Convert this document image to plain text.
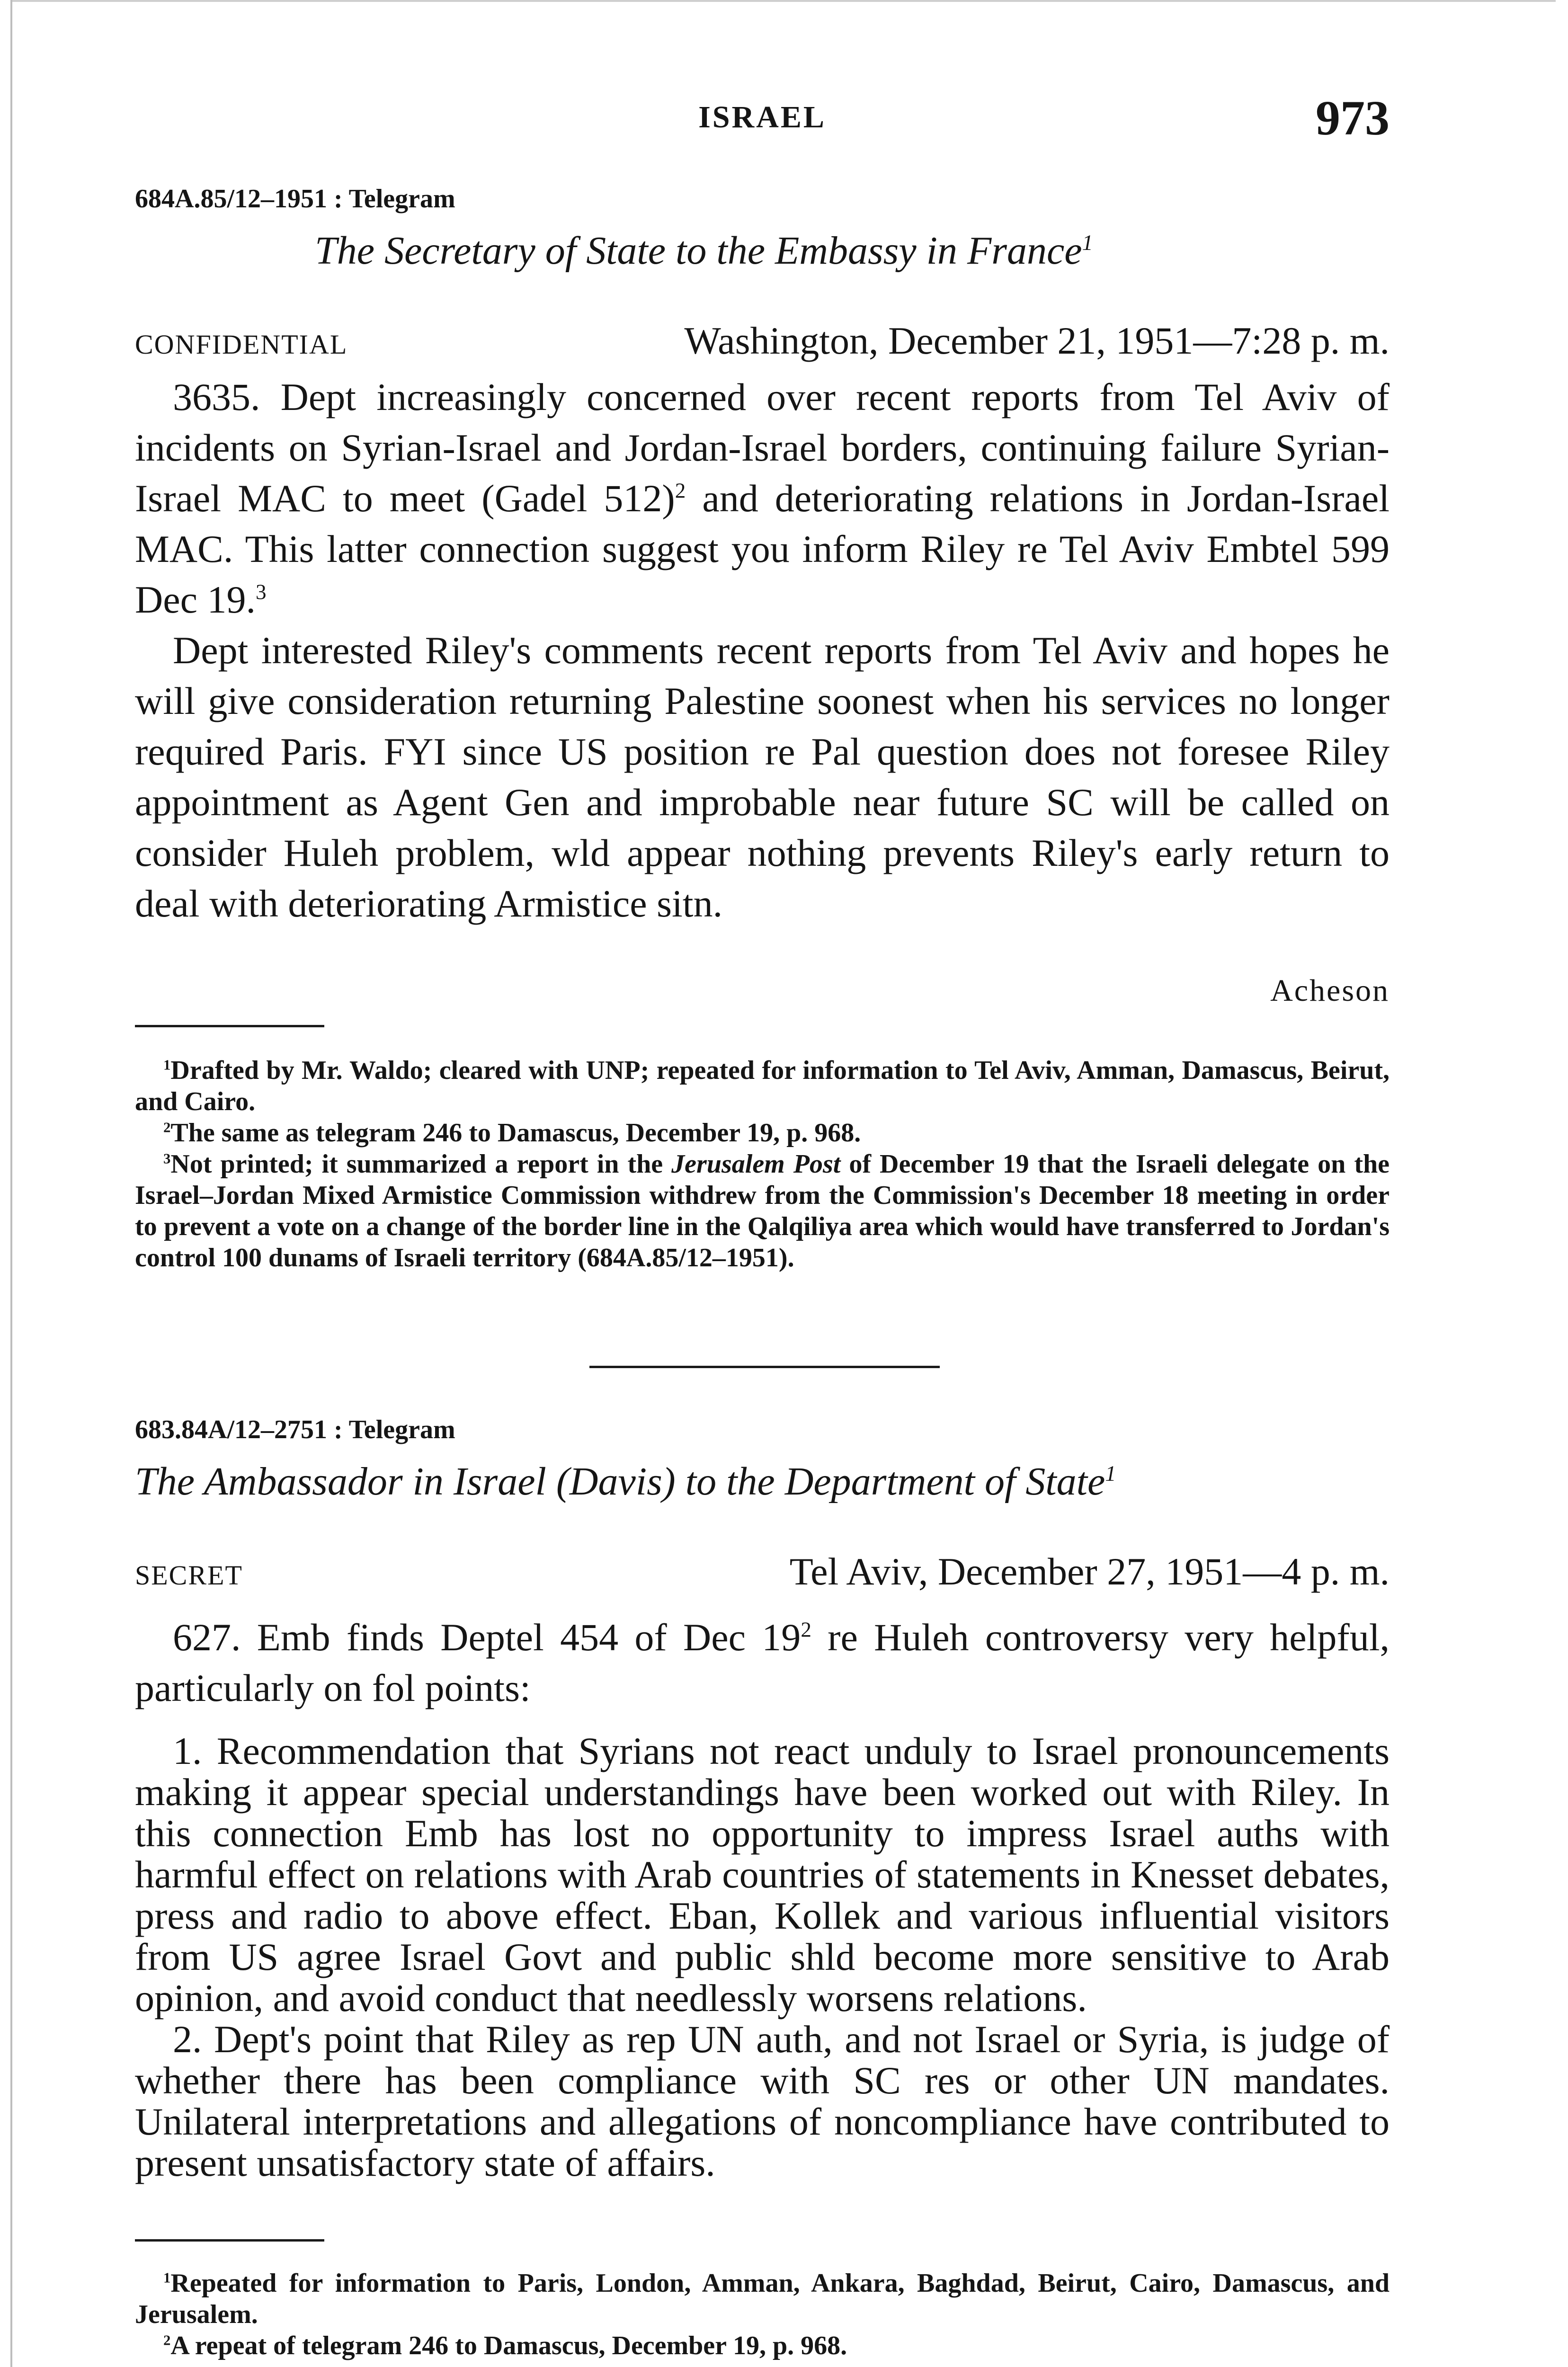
ISRAEL	973
684A.85/12–1951 : Telegram
The Secretary of State to the Embassy in France$^1$
CONFIDENTIAL	Washington, December 21, 1951—7:28 p. m.

3635. Dept increasingly concerned over recent reports from Tel Aviv of incidents on Syrian-Israel and Jordan-Israel borders, continuing failure Syrian-Israel MAC to meet (Gadel 512)$^2$ and deteriorating relations in Jordan-Israel MAC. This latter connection suggest you inform Riley re Tel Aviv Embtel 599 Dec 19.$^3$

Dept interested Riley's comments recent reports from Tel Aviv and hopes he will give consideration returning Palestine soonest when his services no longer required Paris. FYI since US position re Pal question does not foresee Riley appointment as Agent Gen and improbable near future SC will be called on consider Huleh problem, wld appear nothing prevents Riley's early return to deal with deteriorating Armistice sitn.

Acheson

$^1$Drafted by Mr. Waldo; cleared with UNP; repeated for information to Tel Aviv, Amman, Damascus, Beirut, and Cairo.

$^2$The same as telegram 246 to Damascus, December 19, p. 968.

$^3$Not printed; it summarized a report in the Jerusalem Post of December 19 that the Israeli delegate on the Israel–Jordan Mixed Armistice Commission withdrew from the Commission's December 18 meeting in order to prevent a vote on a change of the border line in the Qalqiliya area which would have transferred to Jordan's control 100 dunams of Israeli territory (684A.85/12–1951).

683.84A/12–2751 : Telegram
The Ambassador in Israel (Davis) to the Department of State$^1$
SECRET	Tel Aviv, December 27, 1951—4 p. m.

627. Emb finds Deptel 454 of Dec $19^2$ re Huleh controversy very helpful, particularly on fol points:

1. Recommendation that Syrians not react unduly to Israel pronouncements making it appear special understandings have been worked out with Riley. In this connection Emb has lost no opportunity to impress Israel auths with harmful effect on relations with Arab countries of statements in Knesset debates, press and radio to above effect. Eban, Kollek and various influential visitors from US agree Israel Govt and public shld become more sensitive to Arab opinion, and avoid conduct that needlessly worsens relations.

2. Dept's point that Riley as rep UN auth, and not Israel or Syria, is judge of whether there has been compliance with SC res or other UN mandates. Unilateral interpretations and allegations of noncompliance have contributed to present unsatisfactory state of affairs.

$^1$Repeated for information to Paris, London, Amman, Ankara, Baghdad, Beirut, Cairo, Damascus, and Jerusalem.

$^2$A repeat of telegram 246 to Damascus, December 19, p. 968.
